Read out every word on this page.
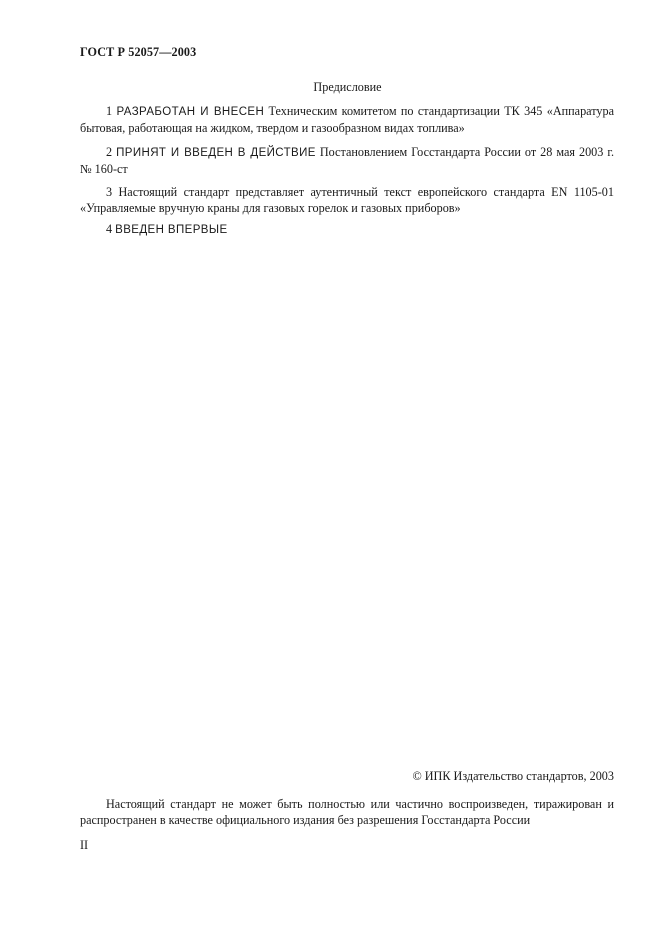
ГОСТ Р 52057—2003
Предисловие
1 РАЗРАБОТАН И ВНЕСЕН Техническим комитетом по стандартизации ТК 345 «Аппаратура бытовая, работающая на жидком, твердом и газообразном видах топлива»
2 ПРИНЯТ И ВВЕДЕН В ДЕЙСТВИЕ Постановлением Госстандарта России от 28 мая 2003 г. № 160-ст
3 Настоящий стандарт представляет аутентичный текст европейского стандарта EN 1105-01 «Управляемые вручную краны для газовых горелок и газовых приборов»
4 ВВЕДЕН ВПЕРВЫЕ
© ИПК Издательство стандартов, 2003
Настоящий стандарт не может быть полностью или частично воспроизведен, тиражирован и распространен в качестве официального издания без разрешения Госстандарта России
II
